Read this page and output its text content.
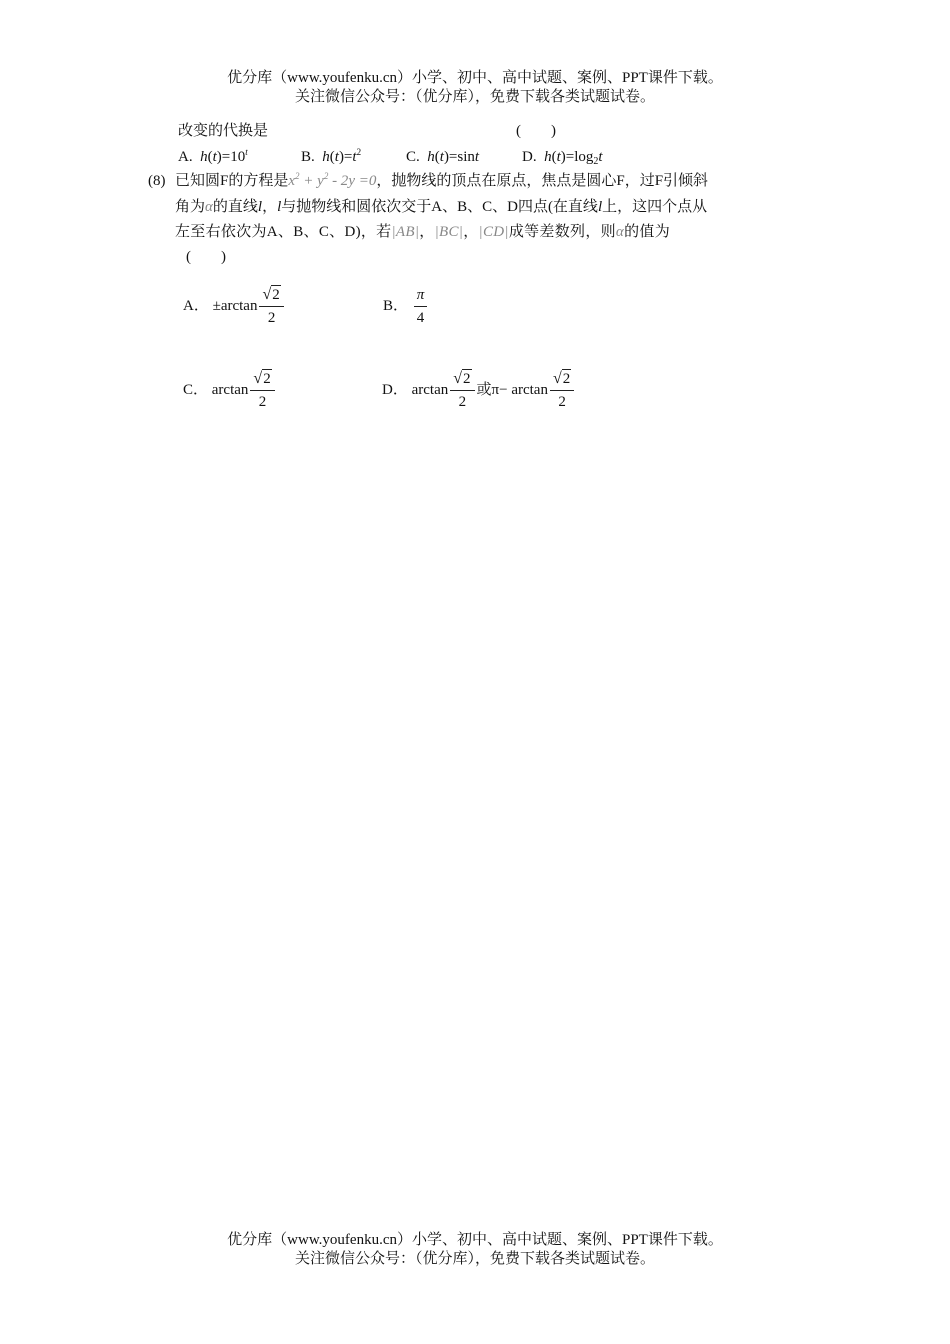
优分库（www.youfenku.cn）小学、初中、高中试题、案例、PPT课件下载。
关注微信公众号：（优分库），免费下载各类试题试卷。
改变的代换是	(　　)
A. $h(t)=10^t$	B. $h(t)=t^2$	C. h(t)=sint	D. $h(t)=\log_2t$
(8) 已知圆F的方程是$x^2 + y^2 - 2y =0$，抛物线的顶点在原点，焦点是圆心F，过F引倾斜
角为α的直线l，l与抛物线和圆依次交于A、B、C、D四点(在直线l上，这四个点从
左至右依次为A、B、C、D)，若|AB|，|BC|，|CD|成等差数列，则α的值为
(　　)
A． $\pm\arctan \frac{√2}{2}$	B． $\frac{\pi}{4}$
C． $\arctan \frac{√2}{2}$	D． $\arctan \frac{√2}{2}$ 或$\pi- \arctan \frac{√2}{2}$
优分库（www.youfenku.cn）小学、初中、高中试题、案例、PPT课件下载。
关注微信公众号：（优分库），免费下载各类试题试卷。
